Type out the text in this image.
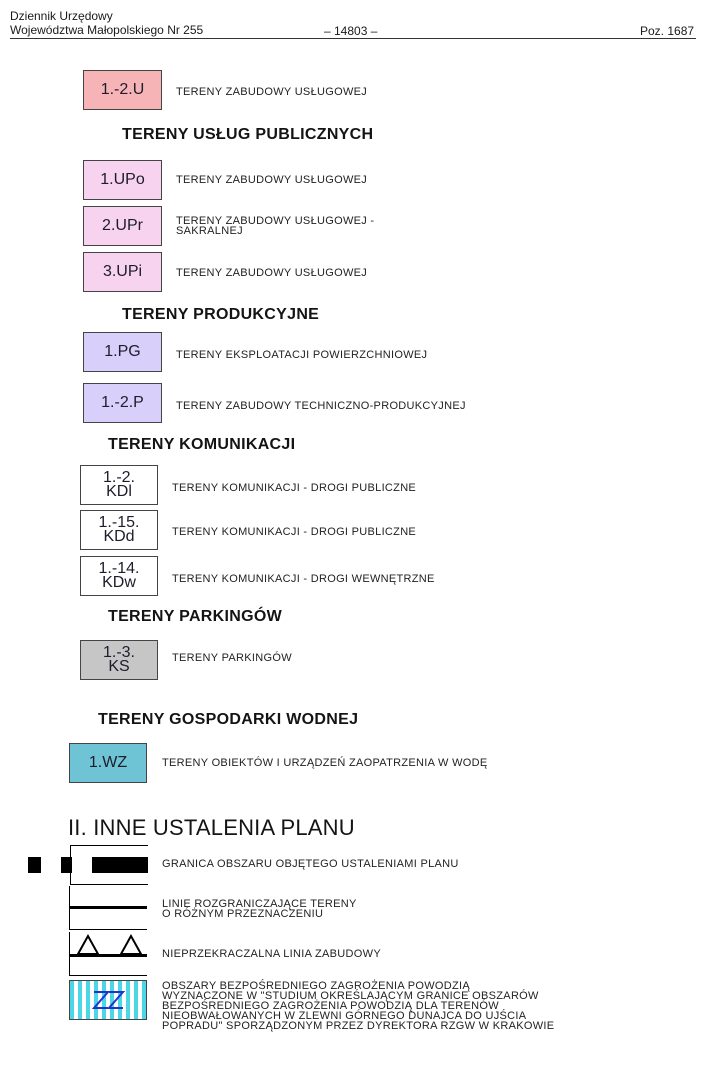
Dziennik Urzędowy
Województwa Małopolskiego Nr 255	– 14803 –	Poz. 1687
1.-2.U	TERENY ZABUDOWY USŁUGOWEJ
TERENY USŁUG PUBLICZNYCH
1.UPo	TERENY ZABUDOWY USŁUGOWEJ
2.UPr	TERENY ZABUDOWY USŁUGOWEJ -
SAKRALNEJ
3.UPi	TERENY ZABUDOWY USŁUGOWEJ
TERENY PRODUKCYJNE
1.PG	TERENY EKSPLOATACJI POWIERZCHNIOWEJ
1.-2.P	TERENY ZABUDOWY TECHNICZNO-PRODUKCYJNEJ
TERENY KOMUNIKACJI
1.-2.
KDl	TERENY KOMUNIKACJI - DROGI PUBLICZNE
1.-15.
KDd	TERENY KOMUNIKACJI - DROGI PUBLICZNE
1.-14.
KDw	TERENY KOMUNIKACJI - DROGI WEWNĘTRZNE
TERENY PARKINGÓW
1.-3.
KS	TERENY PARKINGÓW
TERENY GOSPODARKI WODNEJ
1.WZ	TERENY OBIEKTÓW I URZĄDZEŃ ZAOPATRZENIA W WODĘ
II. INNE USTALENIA PLANU
GRANICA OBSZARU OBJĘTEGO USTALENIAMI PLANU
LINIE ROZGRANICZAJĄCE TERENY
O RÓŻNYM PRZEZNACZENIU
NIEPRZEKRACZALNA LINIA ZABUDOWY
OBSZARY BEZPOŚREDNIEGO ZAGROŻENIA POWODZIĄ
WYZNACZONE W "STUDIUM OKREŚLAJĄCYM GRANICE OBSZARÓW
BEZPOŚREDNIEGO ZAGROŻENIA POWODZIĄ DLA TERENÓW
NIEOBWAŁOWANYCH W ZLEWNI GÓRNEGO DUNAJCA DO UJŚCIA
POPRADU" SPORZĄDZONYM PRZEZ DYREKTORA RZGW W KRAKOWIE
